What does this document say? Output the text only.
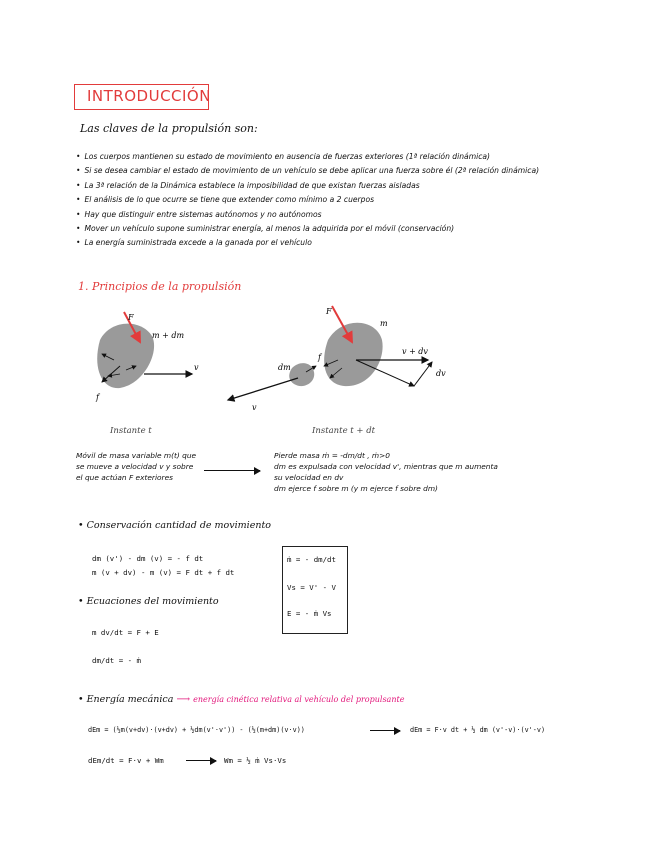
INTRODUCCIÓN
Las claves de la propulsión son:
• Los cuerpos mantienen su estado de movimiento en ausencia de fuerzas exteriores (1ª relación dinámica)
• Si se desea cambiar el estado de movimiento de un vehículo se debe aplicar una fuerza sobre él (2ª relación dinámica)
• La 3ª relación de la Dinámica establece la imposibilidad de que existan fuerzas aisladas
• El análisis de lo que ocurre se tiene que extender como mínimo a 2 cuerpos
• Hay que distinguir entre sistemas autónomos y no autónomos
• Mover un vehículo supone suministrar energía, al menos la adquirida por el móvil (conservación)
• La energía suministrada excede a la ganada por el vehículo
1. Principios de la propulsión
m + dm
F
v
f
m
F
v + dv
dv
dm
f
v
Instante t	Instante t + dt
Móvil de masa variable m(t) que
se mueve a velocidad v y sobre
el que actúan F exteriores
Pierde masa ṁ = -dm/dt , ṁ>0
dm es expulsada con velocidad v', mientras que m aumenta
su velocidad en dv
dm ejerce f sobre m (y m ejerce f sobre dm)
• Conservación cantidad de movimiento
dm (v') - dm (v) = - f dt
m (v + dv) - m (v) = F dt + f dt
• Ecuaciones del movimiento
m dv/dt = F + E
dm/dt = - ṁ
ṁ = - dm/dt
Vs = V' - V
E = - ṁ Vs
• Energía mecánica ⟶ energía cinética relativa al vehículo del propulsante
dEm = (½m(v+dv)·(v+dv) + ½dm(v'·v')) - (½(m+dm)(v·v))	dEm = F·v dt + ½ dm (v'-v)·(v'-v)
dEm/dt = F·v + Wm	Wm = ½ ṁ Vs·Vs
